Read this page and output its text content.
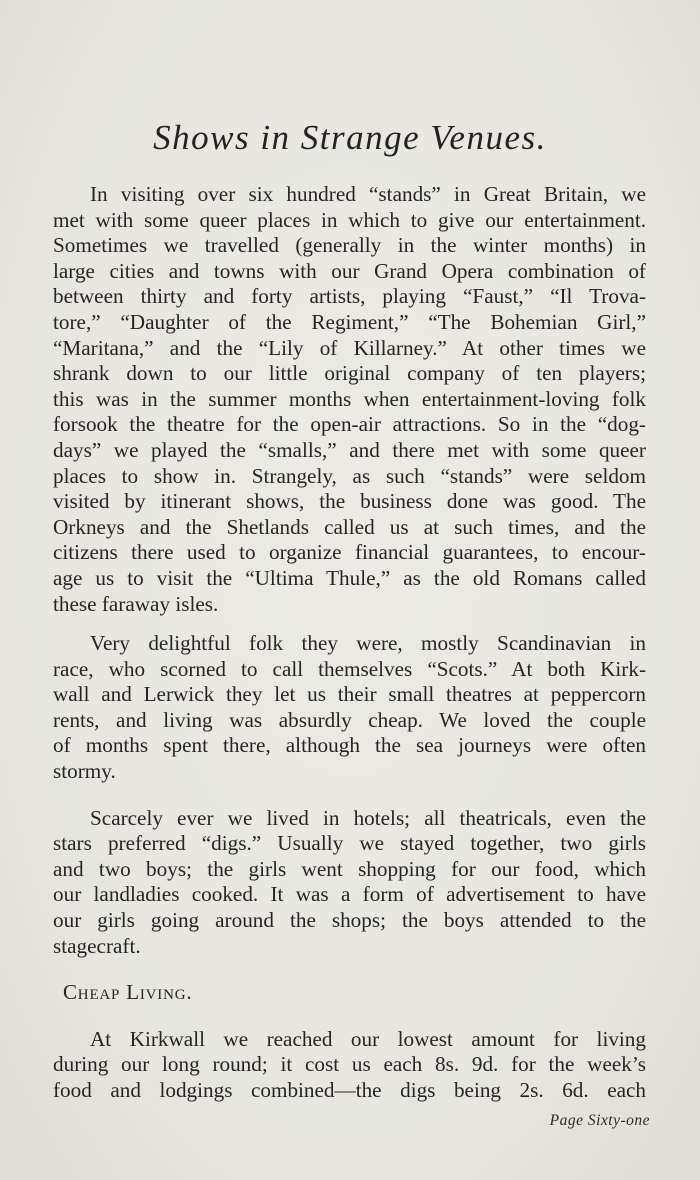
Shows in Strange Venues.
In visiting over six hundred “stands” in Great Britain, we
met with some queer places in which to give our entertainment.
Sometimes we travelled (generally in the winter months) in
large cities and towns with our Grand Opera combination of
between thirty and forty artists, playing “Faust,” “Il Trova-
tore,” “Daughter of the Regiment,” “The Bohemian Girl,”
“Maritana,” and the “Lily of Killarney.” At other times we
shrank down to our little original company of ten players;
this was in the summer months when entertainment-loving folk
forsook the theatre for the open-air attractions. So in the “dog-
days” we played the “smalls,” and there met with some queer
places to show in. Strangely, as such “stands” were seldom
visited by itinerant shows, the business done was good. The
Orkneys and the Shetlands called us at such times, and the
citizens there used to organize financial guarantees, to encour-
age us to visit the “Ultima Thule,” as the old Romans called
these faraway isles.
Very delightful folk they were, mostly Scandinavian in
race, who scorned to call themselves “Scots.” At both Kirk-
wall and Lerwick they let us their small theatres at peppercorn
rents, and living was absurdly cheap. We loved the couple
of months spent there, although the sea journeys were often
stormy.
Scarcely ever we lived in hotels; all theatricals, even the
stars preferred “digs.” Usually we stayed together, two girls
and two boys; the girls went shopping for our food, which
our landladies cooked. It was a form of advertisement to have
our girls going around the shops; the boys attended to the
stagecraft.
Cheap Living.
At Kirkwall we reached our lowest amount for living
during our long round; it cost us each 8s. 9d. for the week’s
food and lodgings combined—the digs being 2s. 6d. each
Page Sixty-one
